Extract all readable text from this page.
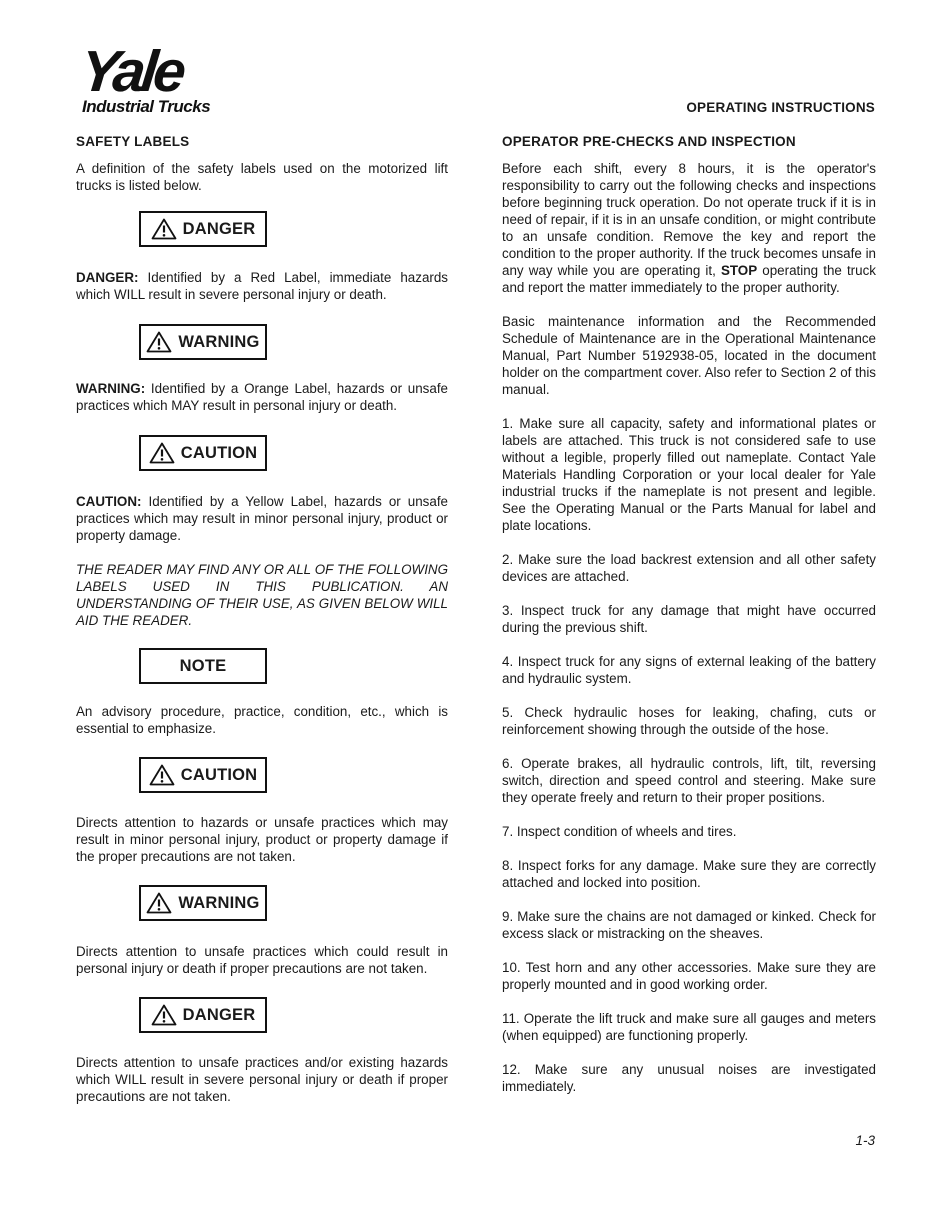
Yale
Industrial Trucks	OPERATING INSTRUCTIONS
SAFETY LABELS

A definition of the safety labels used on the motorized lift trucks is listed below.

DANGER

DANGER: Identified by a Red Label, immediate hazards which WILL result in severe personal injury or death.

WARNING

WARNING: Identified by a Orange Label, hazards or unsafe practices which MAY result in personal injury or death.

CAUTION

CAUTION: Identified by a Yellow Label, hazards or unsafe practices which may result in minor personal injury, product or property damage.

THE READER MAY FIND ANY OR ALL OF THE FOLLOWING LABELS USED IN THIS PUBLICATION. AN UNDERSTANDING OF THEIR USE, AS GIVEN BELOW WILL AID THE READER.

NOTE

An advisory procedure, practice, condition, etc., which is essential to emphasize.

CAUTION

Directs attention to hazards or unsafe practices which may result in minor personal injury, product or property damage if the proper precautions are not taken.

WARNING

Directs attention to unsafe practices which could result in personal injury or death if proper precautions are not taken.

DANGER

Directs attention to unsafe practices and/or existing hazards which WILL result in severe personal injury or death if proper precautions are not taken.

OPERATOR PRE-CHECKS AND INSPECTION

Before each shift, every 8 hours, it is the operator's responsibility to carry out the following checks and inspections before beginning truck operation. Do not operate truck if it is in need of repair, if it is in an unsafe condition, or might contribute to an unsafe condition. Remove the key and report the condition to the proper authority. If the truck becomes unsafe in any way while you are operating it, STOP operating the truck and report the matter immediately to the proper authority.

Basic maintenance information and the Recommended Schedule of Maintenance are in the Operational Maintenance Manual, Part Number 5192938-05, located in the document holder on the compartment cover. Also refer to Section 2 of this manual.

1. Make sure all capacity, safety and informational plates or labels are attached. This truck is not considered safe to use without a legible, properly filled out nameplate. Contact Yale Materials Handling Corporation or your local dealer for Yale industrial trucks if the nameplate is not present and legible. See the Operating Manual or the Parts Manual for label and plate locations.

2. Make sure the load backrest extension and all other safety devices are attached.

3. Inspect truck for any damage that might have occurred during the previous shift.

4. Inspect truck for any signs of external leaking of the battery and hydraulic system.

5. Check hydraulic hoses for leaking, chafing, cuts or reinforcement showing through the outside of the hose.

6. Operate brakes, all hydraulic controls, lift, tilt, reversing switch, direction and speed control and steering. Make sure they operate freely and return to their proper positions.

7. Inspect condition of wheels and tires.

8. Inspect forks for any damage. Make sure they are correctly attached and locked into position.

9. Make sure the chains are not damaged or kinked. Check for excess slack or mistracking on the sheaves.

10. Test horn and any other accessories. Make sure they are properly mounted and in good working order.

11. Operate the lift truck and make sure all gauges and meters (when equipped) are functioning properly.

12. Make sure any unusual noises are investigated immediately.

1-3
